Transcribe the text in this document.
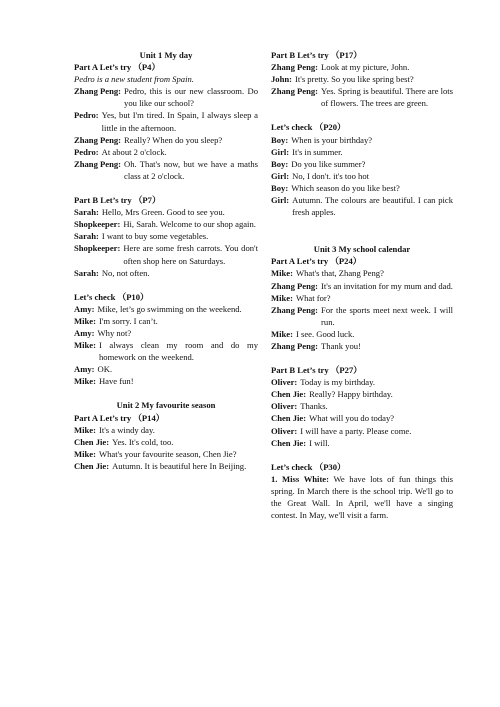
Unit 1 My day
Part A Let’s try （P4）
Pedro is a new student from Spain.
Zhang Peng: Pedro, this is our new classroom. Do you like our school?
Pedro: Yes, but I'm tired. In Spain, I always sleep a little in the afternoon.
Zhang Peng: Really? When do you sleep?
Pedro: At about 2 o'clock.
Zhang Peng: Oh. That's now, but we have a maths class at 2 o'clock.
Part B Let’s try （P7）
Sarah: Hello, Mrs Green. Good to see you.
Shopkeeper: Hi, Sarah. Welcome to our shop again.
Sarah: I want to buy some vegetables.
Shopkeeper: Here are some fresh carrots. You don't often shop here on Saturdays.
Sarah: No, not often.
Let’s check （P10）
Amy: Mike, let’s go swimming on the weekend.
Mike: I'm sorry. I can’t.
Amy: Why not?
Mike: I always clean my room and do my homework on the weekend.
Amy: OK.
Mike: Have fun!
Unit 2 My favourite season
Part A Let’s try （P14）
Mike: It's a windy day.
Chen Jie: Yes. It's cold, too.
Mike: What's your favourite season, Chen Jie?
Chen Jie: Autumn. It is beautiful here In Beijing.
Part B Let’s try （P17）
Zhang Peng: Look at my picture, John.
John: It's pretty. So you like spring best?
Zhang Peng: Yes. Spring is beautiful. There are lots of flowers. The trees are green.
Let’s check （P20）
Boy: When is your birthday?
Girl: It's in summer.
Boy: Do you like summer?
Girl: No, I don't. it's too hot
Boy: Which season do you like best?
Girl: Autumn. The colours are beautiful. I can pick fresh apples.
Unit 3 My school calendar
Part A Let’s try （P24）
Mike: What's that, Zhang Peng?
Zhang Peng: It's an invitation for my mum and dad.
Mike: What for?
Zhang Peng: For the sports meet next week. I will run.
Mike: I see. Good luck.
Zhang Peng: Thank you!
Part B Let’s try （P27）
Oliver: Today is my birthday.
Chen Jie: Really? Happy birthday.
Oliver: Thanks.
Chen Jie: What will you do today?
Oliver: I will have a party. Please come.
Chen Jie: I will.
Let’s check （P30）
1. Miss White: We have lots of fun things this spring. In March there is the school trip. We'll go to the Great Wall. In April, we'll have a singing contest. In May, we'll visit a farm.
